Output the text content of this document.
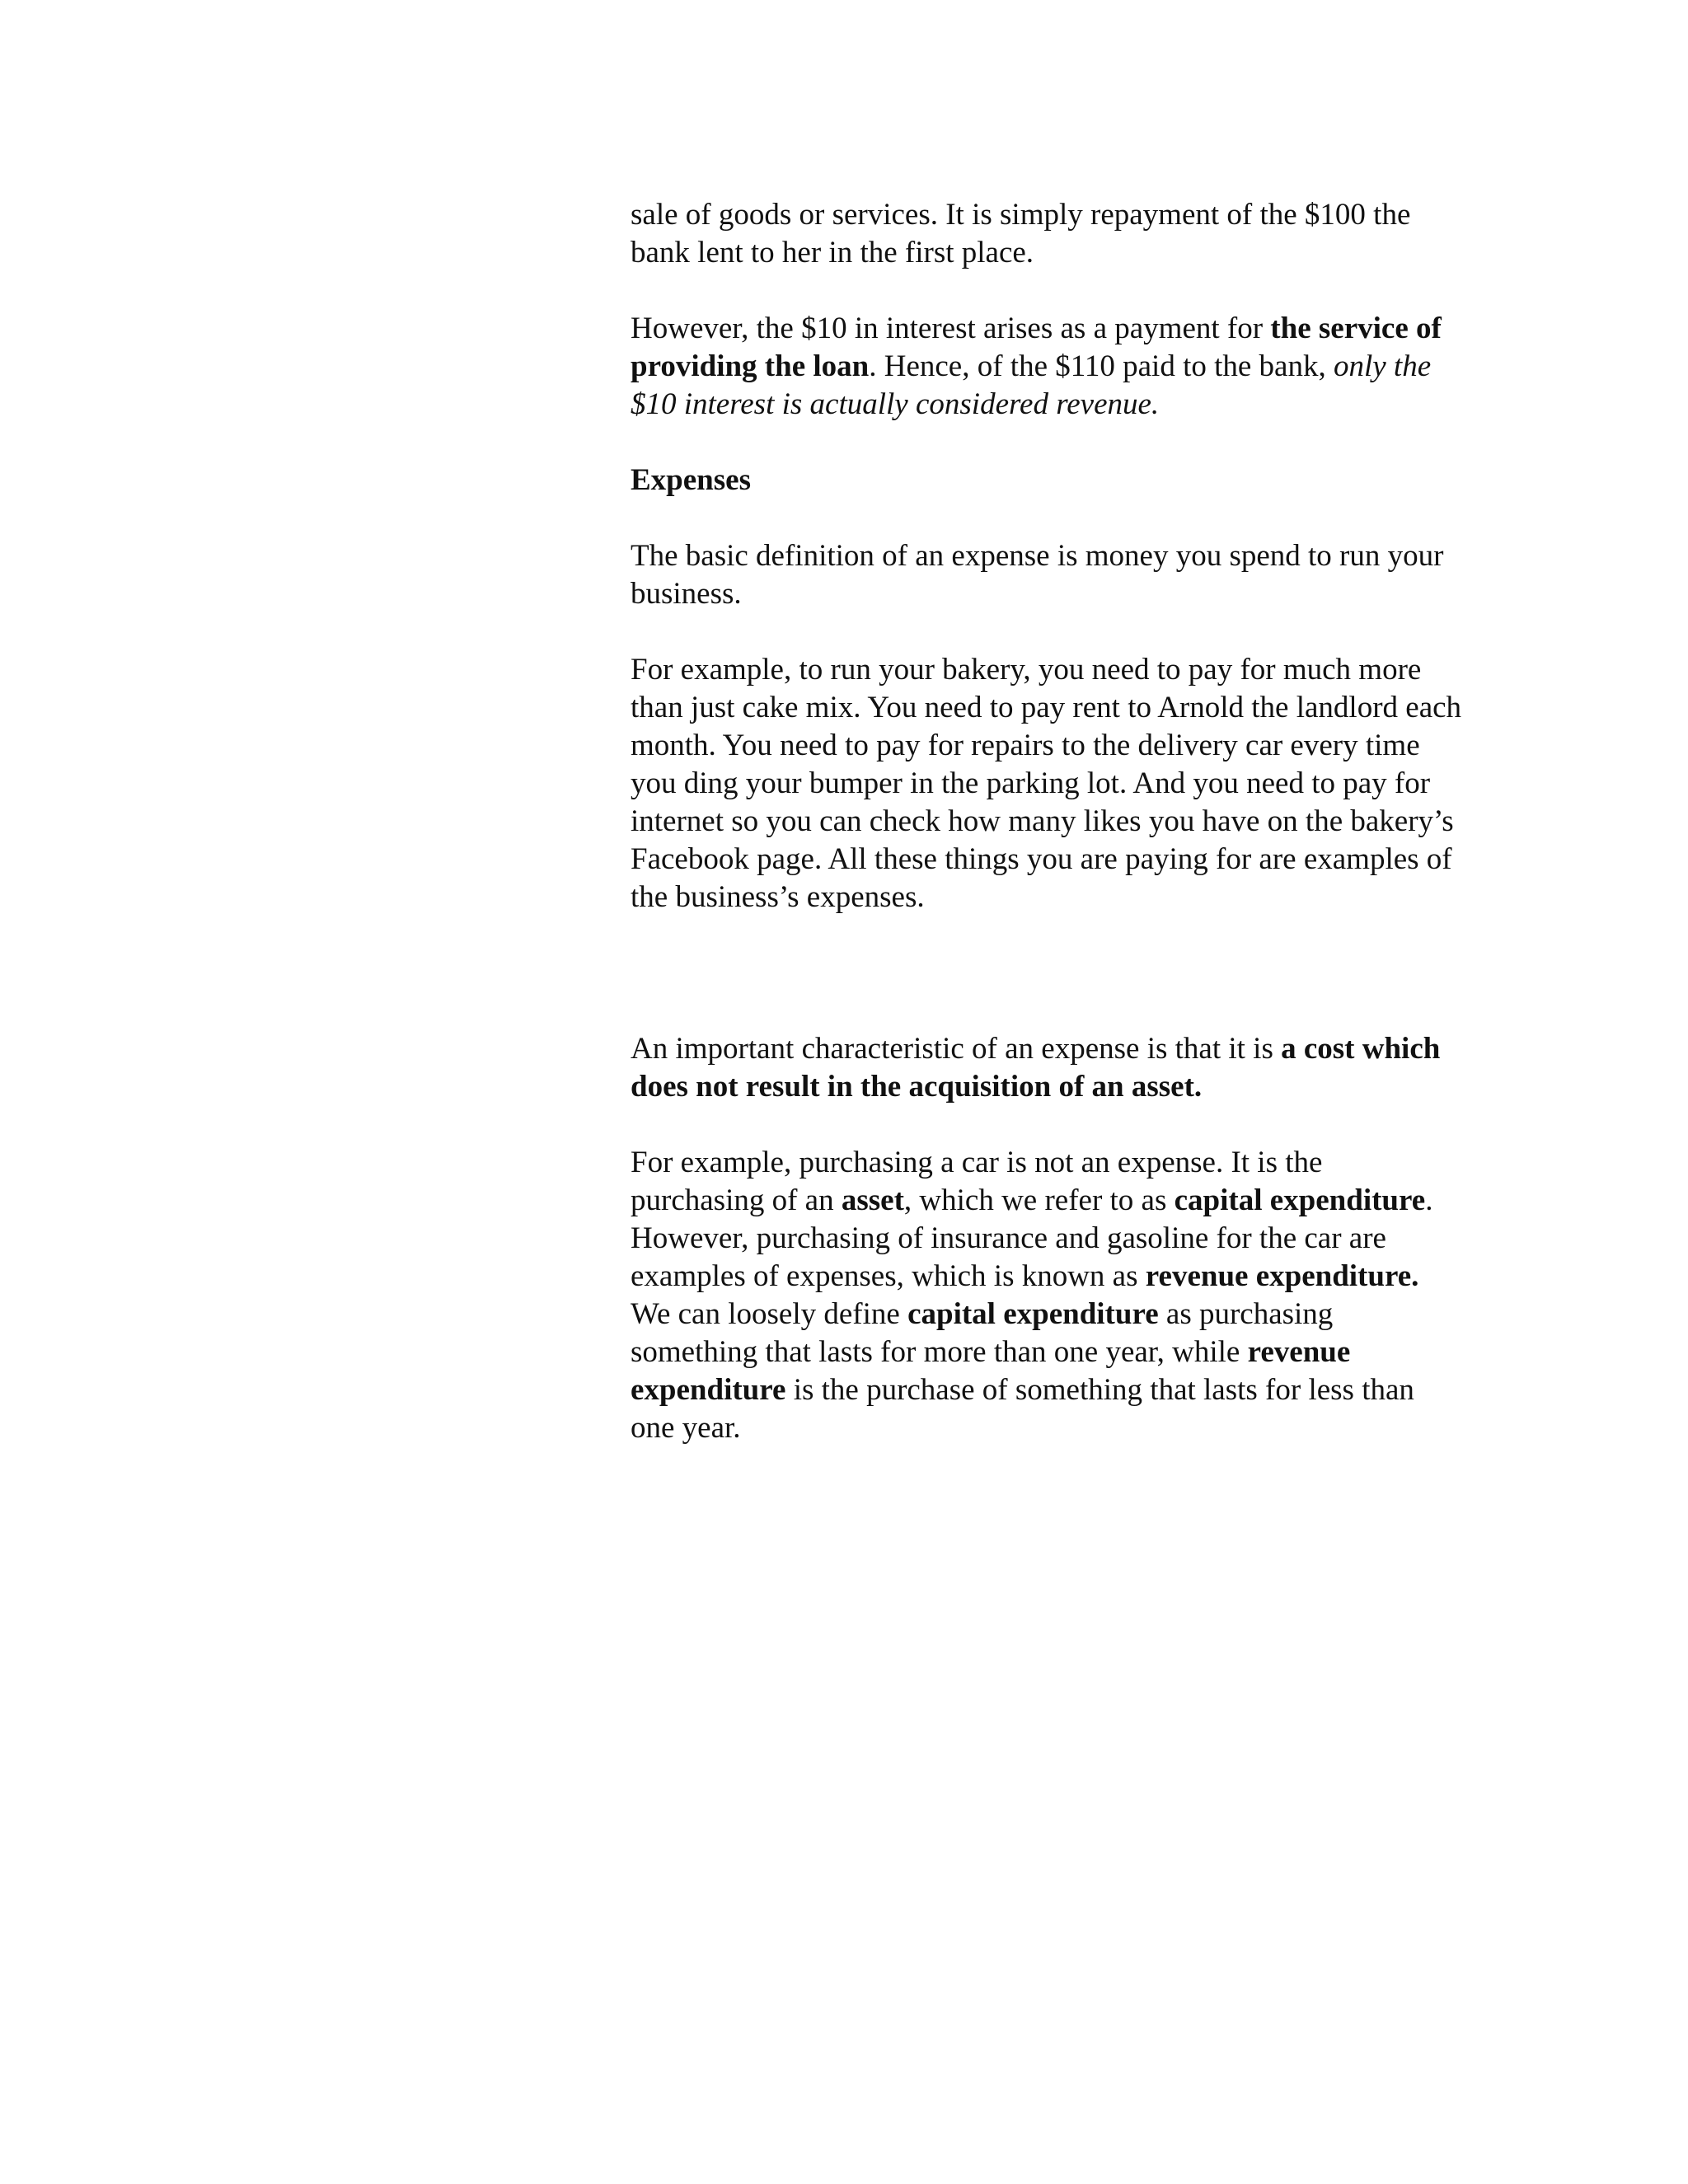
sale of goods or services. It is simply repayment of the $100 the bank lent to her in the first place.

However, the $10 in interest arises as a payment for the service of providing the loan. Hence, of the $110 paid to the bank, only the $10 interest is actually considered revenue.

Expenses

The basic definition of an expense is money you spend to run your business.

For example, to run your bakery, you need to pay for much more than just cake mix. You need to pay rent to Arnold the landlord each month. You need to pay for repairs to the delivery car every time you ding your bumper in the parking lot. And you need to pay for internet so you can check how many likes you have on the bakery’s Facebook page. All these things you are paying for are examples of the business’s expenses.

An important characteristic of an expense is that it is a cost which does not result in the acquisition of an asset.

For example, purchasing a car is not an expense. It is the purchasing of an asset, which we refer to as capital expenditure. However, purchasing of insurance and gasoline for the car are examples of expenses, which is known as revenue expenditure. We can loosely define capital expenditure as purchasing something that lasts for more than one year, while revenue expenditure is the purchase of something that lasts for less than one year.
